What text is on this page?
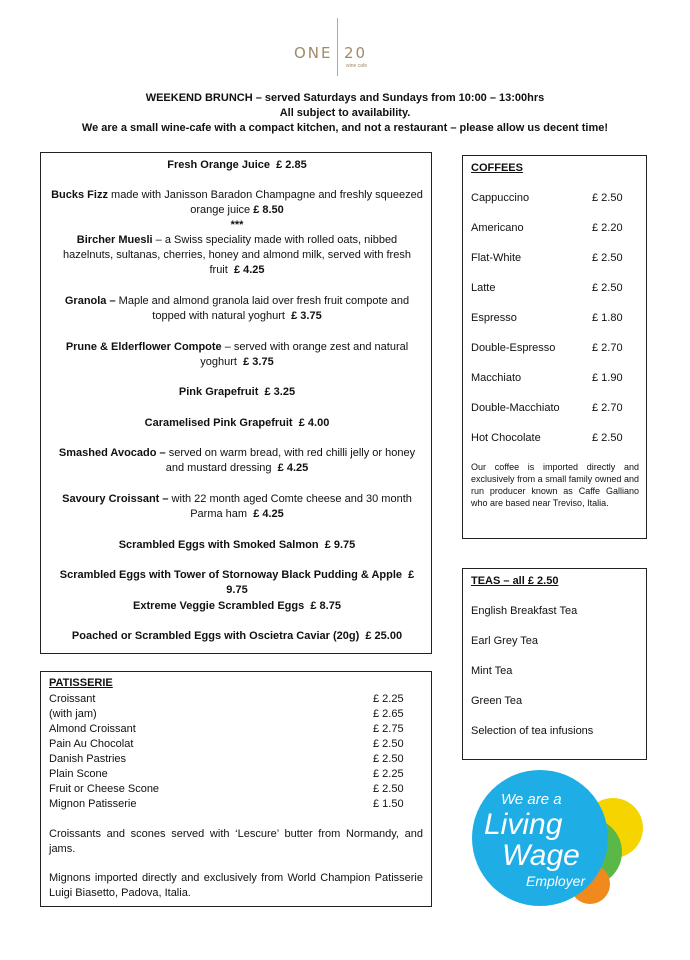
ONE 20
wine cafe
WEEKEND BRUNCH – served Saturdays and Sundays from 10:00 – 13:00hrs
All subject to availability.
We are a small wine-cafe with a compact kitchen, and not a restaurant – please allow us decent time!
Fresh Orange Juice £ 2.85
Bucks Fizz made with Janisson Baradon Champagne and freshly squeezed
orange juice £ 8.50
***
Bircher Muesli – a Swiss speciality made with rolled oats, nibbed
hazelnuts, sultanas, cherries, honey and almond milk, served with fresh
fruit £ 4.25
Granola – Maple and almond granola laid over fresh fruit compote and
topped with natural yoghurt £ 3.75
Prune & Elderflower Compote – served with orange zest and natural
yoghurt £ 3.75
Pink Grapefruit £ 3.25
Caramelised Pink Grapefruit £ 4.00
Smashed Avocado – served on warm bread, with red chilli jelly or honey
and mustard dressing £ 4.25
Savoury Croissant – with 22 month aged Comte cheese and 30 month
Parma ham £ 4.25
Scrambled Eggs with Smoked Salmon £ 9.75
Scrambled Eggs with Tower of Stornoway Black Pudding & Apple £ 9.75
Extreme Veggie Scrambled Eggs £ 8.75
Poached or Scrambled Eggs with Oscietra Caviar (20g) £ 25.00
PATISSERIE
Croissant	£ 2.25
(with jam)	£ 2.65
Almond Croissant	£ 2.75
Pain Au Chocolat	£ 2.50
Danish Pastries	£ 2.50
Plain Scone	£ 2.25
Fruit or Cheese Scone	£ 2.50
Mignon Patisserie	£ 1.50
Croissants and scones served with ‘Lescure’ butter from Normandy, and jams.
Mignons imported directly and exclusively from World Champion Patisserie Luigi Biasetto, Padova, Italia.
COFFEES
Cappuccino	£ 2.50
Americano	£ 2.20
Flat-White	£ 2.50
Latte	£ 2.50
Espresso	£ 1.80
Double-Espresso	£ 2.70
Macchiato	£ 1.90
Double-Macchiato	£ 2.70
Hot Chocolate	£ 2.50
Our coffee is imported directly and exclusively from a small family owned and run producer known as Caffe Galliano who are based near Treviso, Italia.
TEAS – all £ 2.50
English Breakfast Tea
Earl Grey Tea
Mint Tea
Green Tea
Selection of tea infusions
We are a
Living
Wage
Employer
